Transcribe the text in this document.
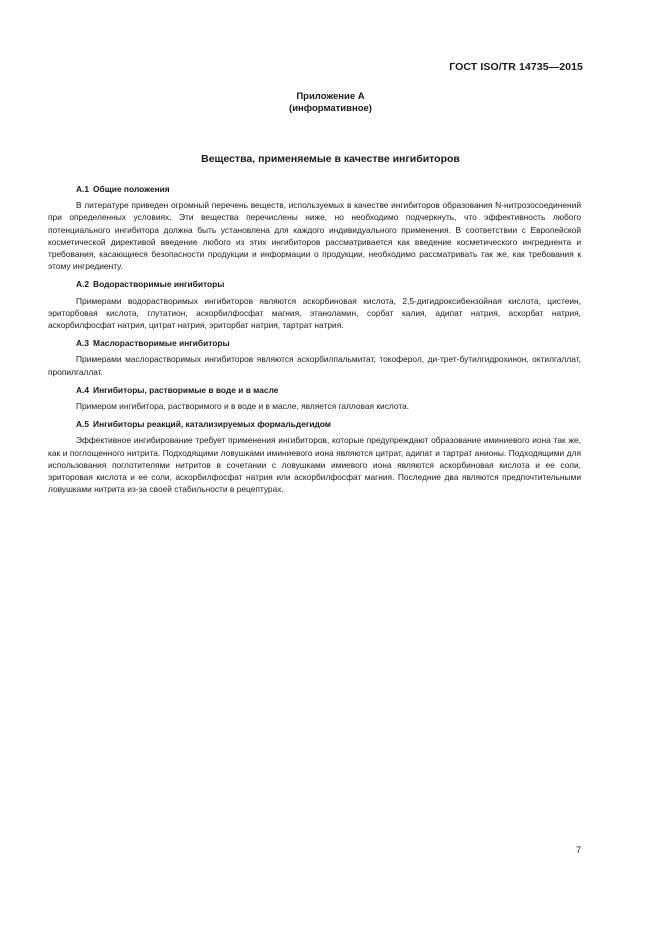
ГОСТ ISO/TR 14735—2015
Приложение А
(информативное)
Вещества, применяемые в качестве ингибиторов

А.1 Общие положения

В литературе приведен огромный перечень веществ, используемых в качестве ингибиторов образования N-нитрозосоединений при определенных условиях. Эти вещества перечислены ниже, но необходимо подчеркнуть, что эффективность любого потенциального ингибитора должна быть установлена для каждого индивидуального применения. В соответствии с Европейской косметической директивой введение любого из этих ингибиторов рассматривается как введение косметического ингредиента и требования, касающиеся безопасности продукции и информации о продукции, необходимо рассматривать так же, как требования к этому ингредиенту.

А.2 Водорастворимые ингибиторы

Примерами водорастворимых ингибиторов являются аскорбиновая кислота, 2,5-дигидроксибензойная кислота, цистеин, эриторбовая кислота, глутатион, аскорбилфосфат магния, этаноламин, сорбат калия, адипат натрия, аскорбат натрия, аскорбилфосфат натрия, цитрат натрия, эриторбат натрия, тартрат натрия.

А.3 Маслорастворимые ингибиторы

Примерами маслорастворимых ингибиторов являются аскорбилпальмитат, токоферол, ди-трет-бутилгидрохинон, октилгаллат, пропилгаллат.

А.4 Ингибиторы, растворимые в воде и в масле

Примером ингибитора, растворимого и в воде и в масле, является галловая кислота.

А.5 Ингибиторы реакций, катализируемых формальдегидом

Эффективное ингибирование требует применения ингибиторов, которые предупреждают образование иминиевого иона так же, как и поглощенного нитрита. Подходящими ловушками иминиевого иона являются цитрат, адипат и тартрат анионы. Подходящими для использования поглотителями нитритов в сочетании с ловушками имиевого иона являются аскорбиновая кислота и ее соли, эриторовая кислота и ее соли, аскорбилфосфат натрия или аскорбилфосфат магния. Последние два являются предпочтительными ловушками нитрита из-за своей стабильности в рецептурах.

7
